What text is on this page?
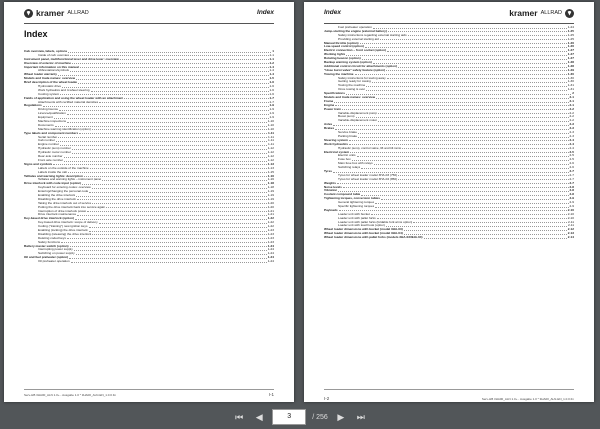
kramer ALLRAD	Index
Index
Cab overview, labels, options	1
Inside of cab: overview	1-1
Instrument panel, multifunctional lever and drive lever: overview	1-1
Overview of exterior of machine	1-2
Important information on this manual	1-4
Abbreviations/symbols	1-4
Wheel loader warranty	1-4
Models and trade names: overview	1-5
Brief description of the wheel loader	1-6
Hydrostatic drive	1-6
Work hydraulics and 4-wheel steering	1-6
Cooling system	1-6
Fields of application and using the wheel loader with an attachment	1-7
Attachments with certified material densities	1-7
Regulations	1-9
Driving licence	1-9
Licence/qualification	1-9
Equipment	1-9
Machine inspections	1-10
Documents	1-10
Machine warning identification (option)	1-10
Type labels and component numbers	1-11
Serial number	1-11
Cab number	1-11
Engine number	1-11
Hydraulic pump number	1-12
Hydraulic motor number	1-12
Rear axle number	1-12
Front axle number	1-12
Signs and symbols	1-13
Labels on the outside of the machine	1-13
Labels inside the cab	1-15
Telltales and warning lights: description	1-16
Telltales and warning lights – instrument panel	1-16
Drive interlock with code input (option)	1-18
Keyboard for entering codes: overview	1-18
Entering/changing the personal code	1-19
Enabling the drive interlock	1-19
Disabling the drive interlock	1-19
Taking the drive interlock out of service	1-20
Putting the drive interlock back into service again	1-20
Interruption of drive interlock power	1-21
Drive interlock maintenance	1-21
Key-based drive interlock (option)	1-22
Key-based drive interlock: scope of delivery	1-22
Coding ("training") new ignition keys	1-22
Enabling (locking) the drive interlock	1-23
Disabling (releasing) the drive interlock	1-23
Deleting coded keys	1-23
Safety functions	1-23
Battery master switch (option)	1-24
Interrupting power supply	1-24
Switching on power supply	1-24
Oil and fuel preheater (option)	1-24
Oil preheater operation	1-24
Serv-HB 3HA00_ALN 1.0+ - Ausgabe 1.0 * 3HA00_ALN-EN_1.0.0.fm	I-1
Index	kramer ALLRAD
Fuel preheater operation	1-24
Jump-starting the engine (external battery)	1-25
Safety instructions regarding external starting aids	1-25
Providing external starting aid	1-25
Manual throttle (option)	1-26
Low-speed control (option)	1-26
Electric connection – front socket (option)	1-27
Working lights	1-27
Rotating beacon (option)	1-27
Backup warning system (option)	1-28
Additional control circuit for attachments (option)	1-28
"Hose burst valve" safety feature (option)	1-29
Towing the machine	1-30
Safety instructions for towing away	1-30
Getting ready for towing	1-30
Towing the machine	1-31
Once towing is over	1-31
Specifications	2
Models and trade names: overview	2-1
Frame	2-1
Engine	2-1
Power train	2-2
Variable-displacement pump	2-2
Boost pump	2-2
Variable-displacement motor	2-2
Axles	2-3
Brakes	2-3
Service brake	2-3
Parking brake	2-3
Steering system	2-4
Work hydraulics	2-4
Hydraulic pump, control valve, lift and tilt rams	2-4
Electrical system	2-5
Electric units	2-5
Fuse box	2-5
Main fuse box with relays	2-6
Switching relays	2-6
Tyres	2-7
Tyres for wheel loader model 3HA-03 (750)	2-7
Tyres for wheel loader model 3HA-04 (850)	2-7
Weights	2-7
Noise levels	2-8
Vibration	2-8
Coolant compound table	2-8
Tightening torques, conversion tables	2-9
General tightening torques	2-9
Specific tightening torques	2-9
Payloads	2-10
Loader unit with bucket	2-10
Loader unit with pallet forks	2-10
Loader unit with pallet forks (foldable fork arms option)	2-11
Loader unit with load hook (option)	2-11
Wheel loader dimensions with bucket (model 3HA-03)	2-12
Wheel loader dimensions with bucket (model 3HA-04)	2-13
Wheel loader dimensions with pallet forks (models 3HA-03/3HA-04)	2-14
I-2	Serv-HB 3HA00_ALN 1.0+ - Ausgabe 1.0 * 3HA00_ALN-EN_1.0.0.fm
⏮	◀
3	/ 256	▶	⏭
